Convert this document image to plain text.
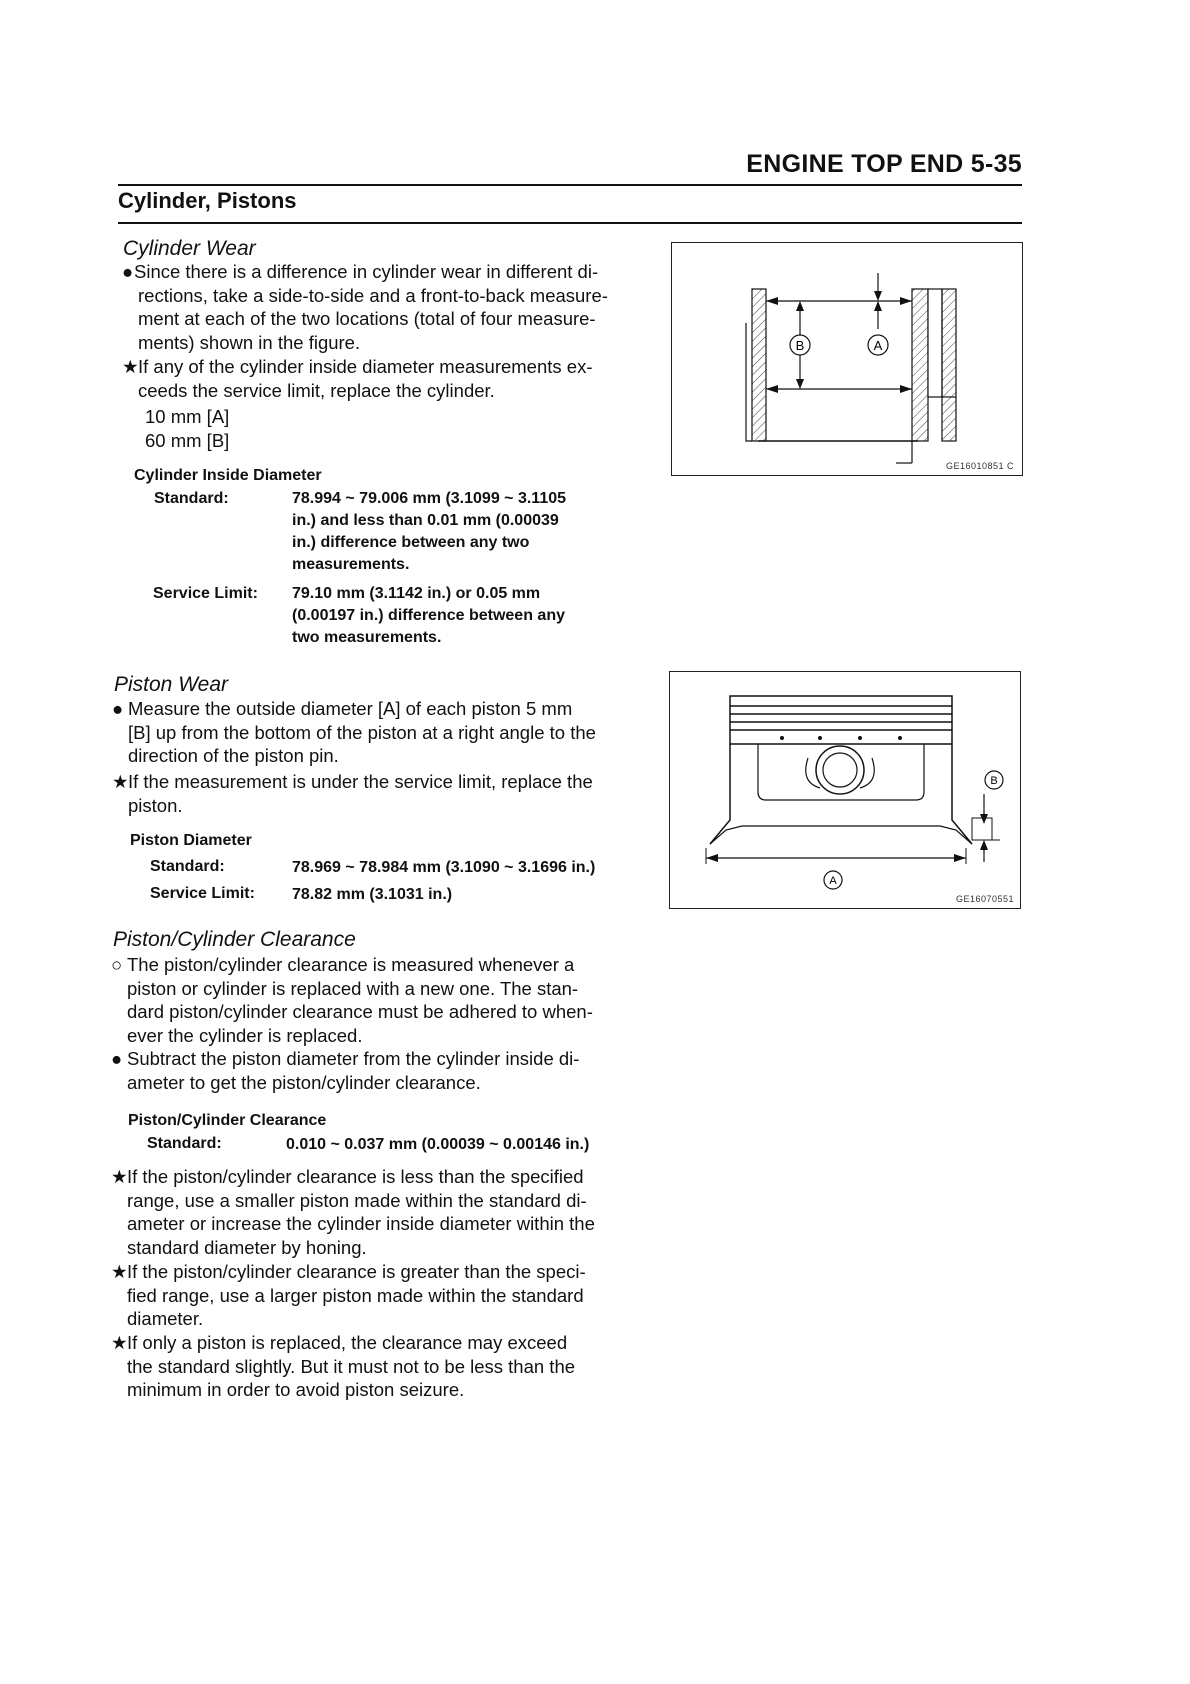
ENGINE TOP END 5-35
Cylinder, Pistons
Cylinder Wear
● Since there is a difference in cylinder wear in different di-
rections, take a side-to-side and a front-to-back measure-
ment at each of the two locations (total of four measure-
ments) shown in the figure.
★ If any of the cylinder inside diameter measurements ex-
ceeds the service limit, replace the cylinder.
10 mm [A]
60 mm [B]
Cylinder Inside Diameter
Standard:	78.994 ~ 79.006 mm (3.1099 ~ 3.1105
in.) and less than 0.01 mm (0.00039
in.) difference between any two
measurements.
Service Limit: 79.10 mm (3.1142 in.) or 0.05 mm
(0.00197 in.) difference between any
two measurements.
B	A
GE16010851 C
Piston Wear
● Measure the outside diameter [A] of each piston 5 mm
[B] up from the bottom of the piston at a right angle to the
direction of the piston pin.
★ If the measurement is under the service limit, replace the
piston.
Piston Diameter
Standard:	78.969 ~ 78.984 mm (3.1090 ~ 3.1696 in.)
Service Limit: 78.82 mm (3.1031 in.)
A
B
GE16070551
Piston/Cylinder Clearance
○ The piston/cylinder clearance is measured whenever a
piston or cylinder is replaced with a new one. The stan-
dard piston/cylinder clearance must be adhered to when-
ever the cylinder is replaced.
● Subtract the piston diameter from the cylinder inside di-
ameter to get the piston/cylinder clearance.
Piston/Cylinder Clearance
Standard:	0.010 ~ 0.037 mm (0.00039 ~ 0.00146 in.)
★ If the piston/cylinder clearance is less than the specified
range, use a smaller piston made within the standard di-
ameter or increase the cylinder inside diameter within the
standard diameter by honing.
★ If the piston/cylinder clearance is greater than the speci-
fied range, use a larger piston made within the standard
diameter.
★ If only a piston is replaced, the clearance may exceed
the standard slightly. But it must not to be less than the
minimum in order to avoid piston seizure.
